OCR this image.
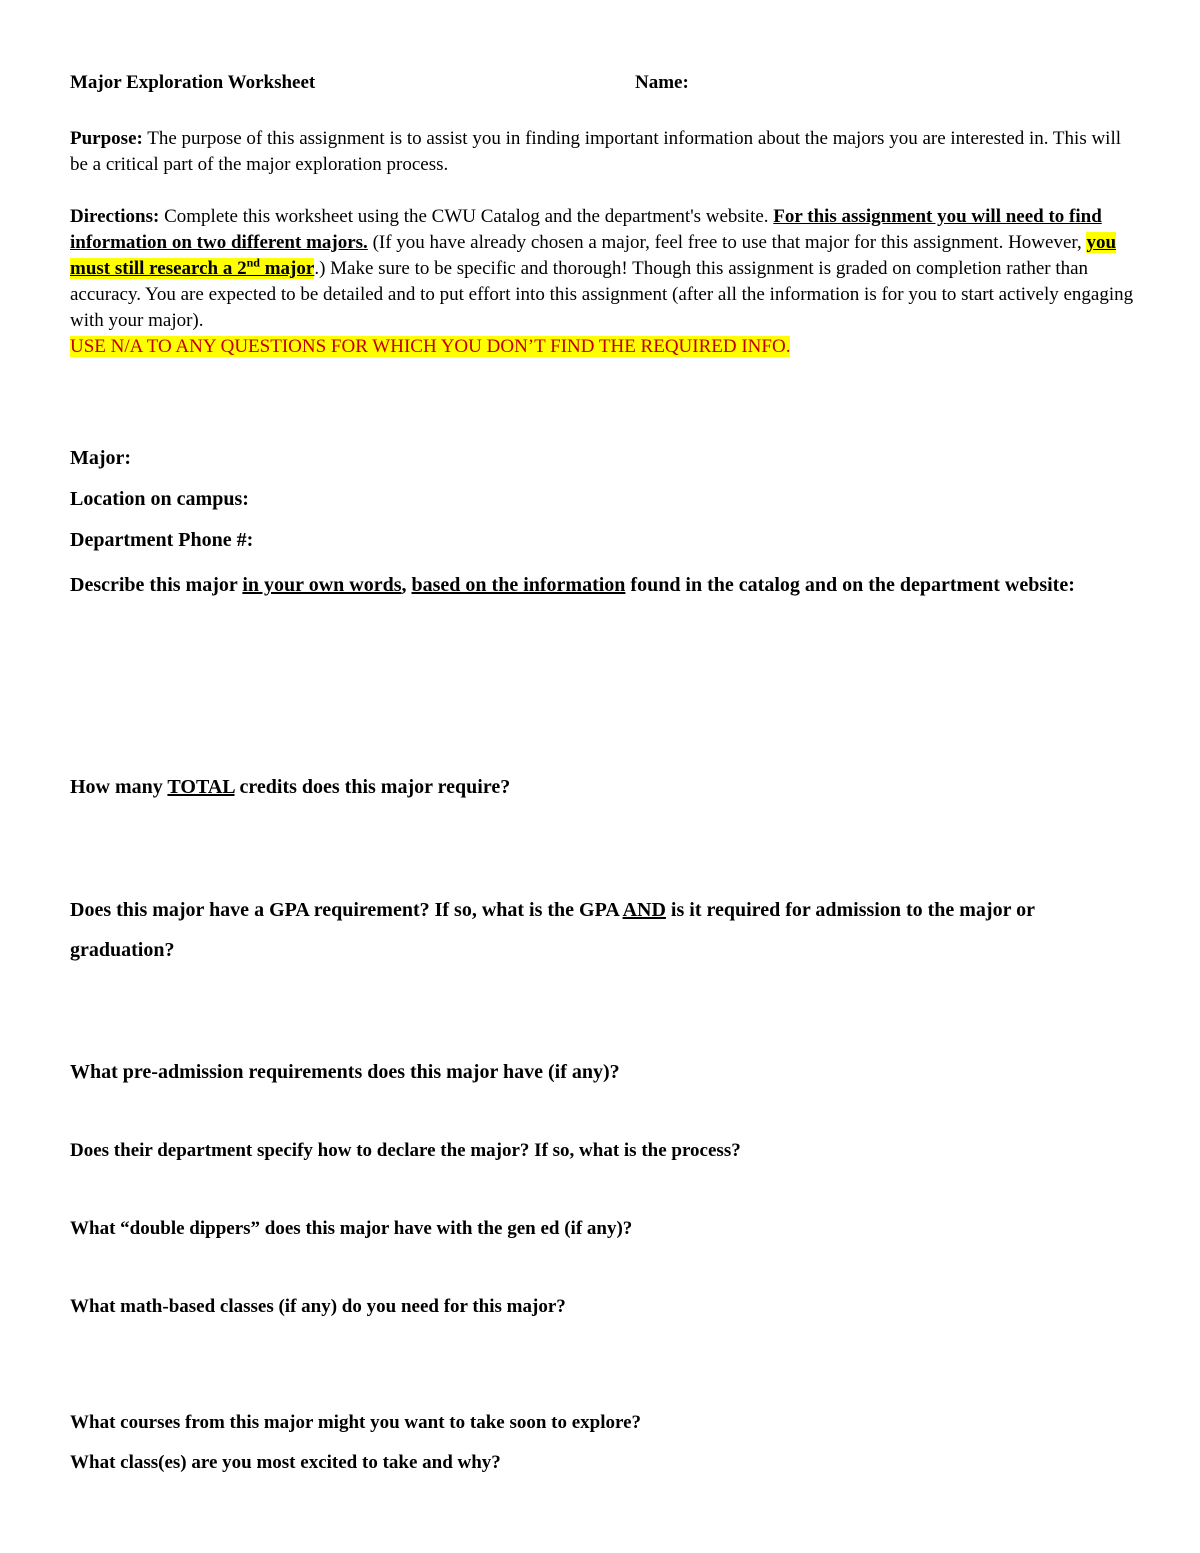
Major Exploration Worksheet	Name:

Purpose: The purpose of this assignment is to assist you in finding important information about the majors you are interested in. This will be a critical part of the major exploration process.

Directions: Complete this worksheet using the CWU Catalog and the department's website. For this assignment you will need to find information on two different majors. (If you have already chosen a major, feel free to use that major for this assignment. However, you must still research a 2nd major.) Make sure to be specific and thorough! Though this assignment is graded on completion rather than accuracy. You are expected to be detailed and to put effort into this assignment (after all the information is for you to start actively engaging with your major).
USE N/A TO ANY QUESTIONS FOR WHICH YOU DON’T FIND THE REQUIRED INFO.

Major:
Location on campus:
Department Phone #:

Describe this major in your own words, based on the information found in the catalog and on the department website:

How many TOTAL credits does this major require?

Does this major have a GPA requirement? If so, what is the GPA AND is it required for admission to the major or graduation?

What pre-admission requirements does this major have (if any)?
Does their department specify how to declare the major? If so, what is the process?
What “double dippers” does this major have with the gen ed (if any)?
What math-based classes (if any) do you need for this major?
What courses from this major might you want to take soon to explore?
What class(es) are you most excited to take and why?
